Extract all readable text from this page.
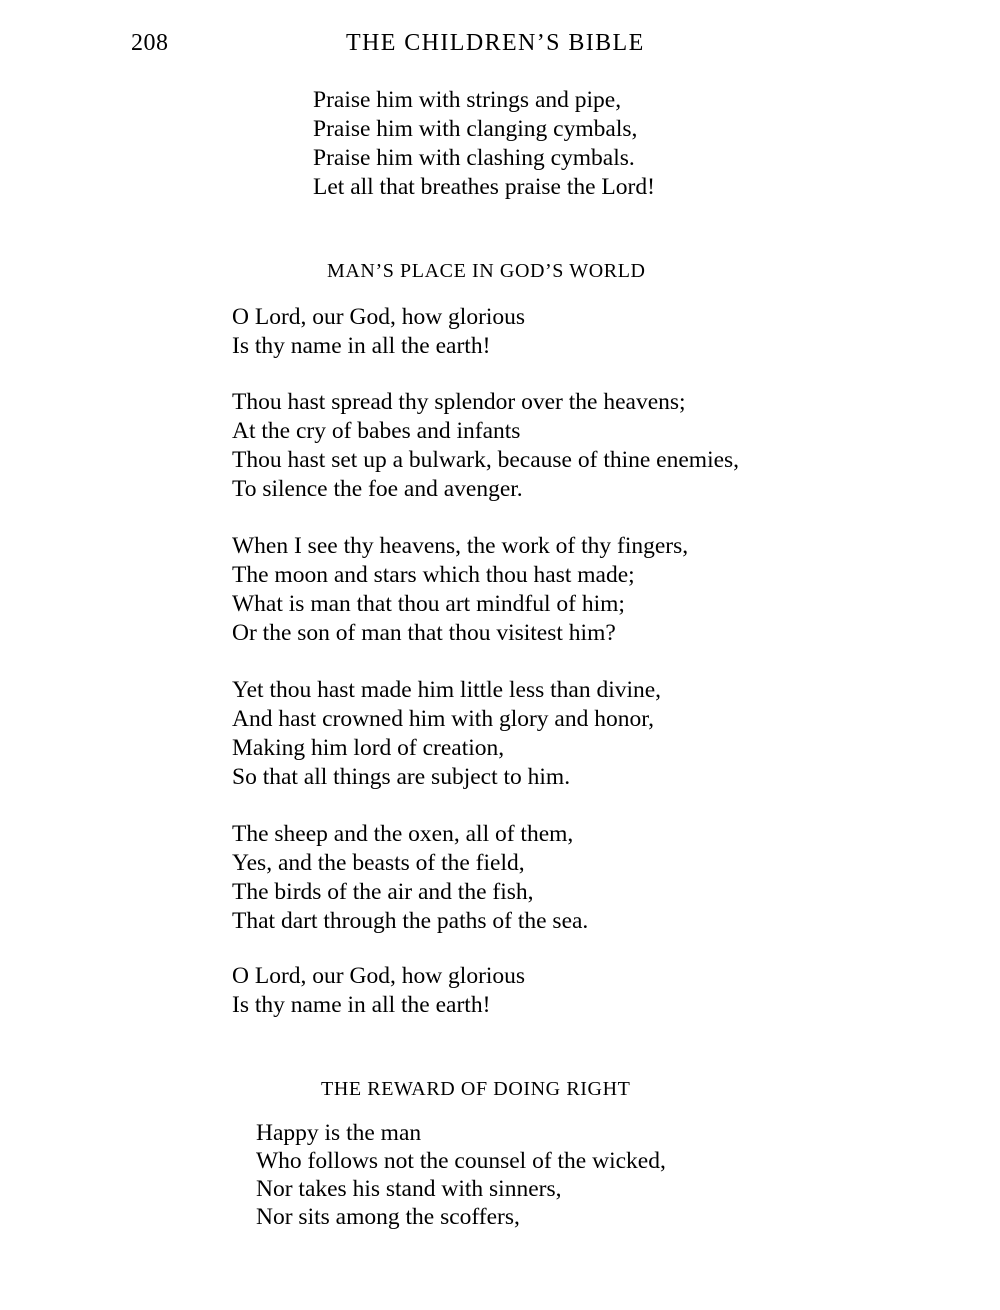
208	THE CHILDREN’S BIBLE
Praise him with strings and pipe,
Praise him with clanging cymbals,
Praise him with clashing cymbals.
Let all that breathes praise the Lord!
MAN’S PLACE IN GOD’S WORLD
O Lord, our God, how glorious
Is thy name in all the earth!
Thou hast spread thy splendor over the heavens;
At the cry of babes and infants
Thou hast set up a bulwark, because of thine enemies,
To silence the foe and avenger.
When I see thy heavens, the work of thy fingers,
The moon and stars which thou hast made;
What is man that thou art mindful of him;
Or the son of man that thou visitest him?
Yet thou hast made him little less than divine,
And hast crowned him with glory and honor,
Making him lord of creation,
So that all things are subject to him.
The sheep and the oxen, all of them,
Yes, and the beasts of the field,
The birds of the air and the fish,
That dart through the paths of the sea.
O Lord, our God, how glorious
Is thy name in all the earth!
THE REWARD OF DOING RIGHT
Happy is the man
Who follows not the counsel of the wicked,
Nor takes his stand with sinners,
Nor sits among the scoffers,
